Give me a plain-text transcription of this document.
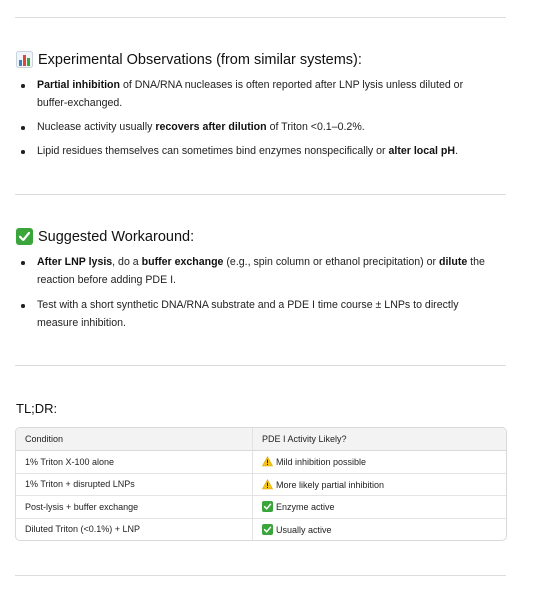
Experimental Observations (from similar systems):
Partial inhibition of DNA/RNA nucleases is often reported after LNP lysis unless diluted or buffer-exchanged.
Nuclease activity usually recovers after dilution of Triton <0.1–0.2%.
Lipid residues themselves can sometimes bind enzymes nonspecifically or alter local pH.
Suggested Workaround:
After LNP lysis, do a buffer exchange (e.g., spin column or ethanol precipitation) or dilute the reaction before adding PDE I.
Test with a short synthetic DNA/RNA substrate and a PDE I time course ± LNPs to directly measure inhibition.
TL;DR:
Condition	PDE I Activity Likely?
1% Triton X-100 alone	Mild inhibition possible
1% Triton + disrupted LNPs	More likely partial inhibition
Post-lysis + buffer exchange	Enzyme active
Diluted Triton (<0.1%) + LNP	Usually active
